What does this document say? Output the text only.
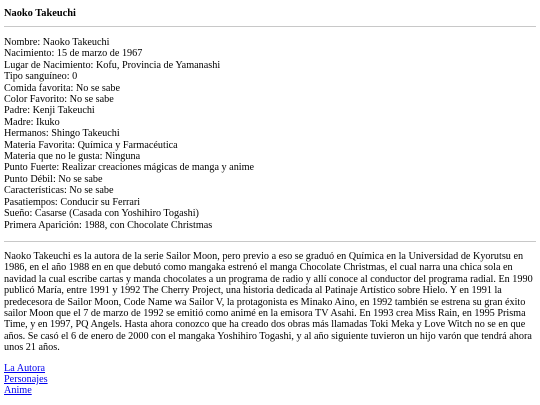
Naoko Takeuchi
Nombre: Naoko Takeuchi
Nacimiento: 15 de marzo de 1967
Lugar de Nacimiento: Kofu, Provincia de Yamanashi
Tipo sanguíneo: 0
Comida favorita: No se sabe
Color Favorito: No se sabe
Padre: Kenji Takeuchi
Madre: Ikuko
Hermanos: Shingo Takeuchi
Materia Favorita: Química y Farmacéutica
Materia que no le gusta: Ninguna
Punto Fuerte: Realizar creaciones mágicas de manga y anime
Punto Débil: No se sabe
Características: No se sabe
Pasatiempos: Conducir su Ferrari
Sueño: Casarse (Casada con Yoshihiro Togashi)
Primera Aparición: 1988, con Chocolate Christmas

Naoko Takeuchi es la autora de la serie Sailor Moon, pero previo a eso se graduó en Química en la Universidad de Kyorutsu en 1986, en el año 1988 en en que debutó como mangaka estrenó el manga Chocolate Christmas, el cual narra una chica sola en navidad la cual escribe cartas y manda chocolates a un programa de radio y allí conoce al conductor del programa radial. En 1990 publicó María, entre 1991 y 1992 The Cherry Project, una historia dedicada al Patinaje Artístico sobre Hielo. Y en 1991 la predecesora de Sailor Moon, Code Name wa Sailor V, la protagonista es Minako Aino, en 1992 también se estrena su gran éxito sailor Moon que el 7 de marzo de 1992 se emitió como animé en la emisora TV Asahi. En 1993 crea Miss Rain, en 1995 Prisma Time, y en 1997, PQ Angels. Hasta ahora conozco que ha creado dos obras más llamadas Toki Meka y Love Witch no se en que años. Se casó el 6 de enero de 2000 con el mangaka Yoshihiro Togashi, y al año siguiente tuvieron un hijo varón que tendrá ahora unos 21 años.

La Autora
Personajes
Anime
